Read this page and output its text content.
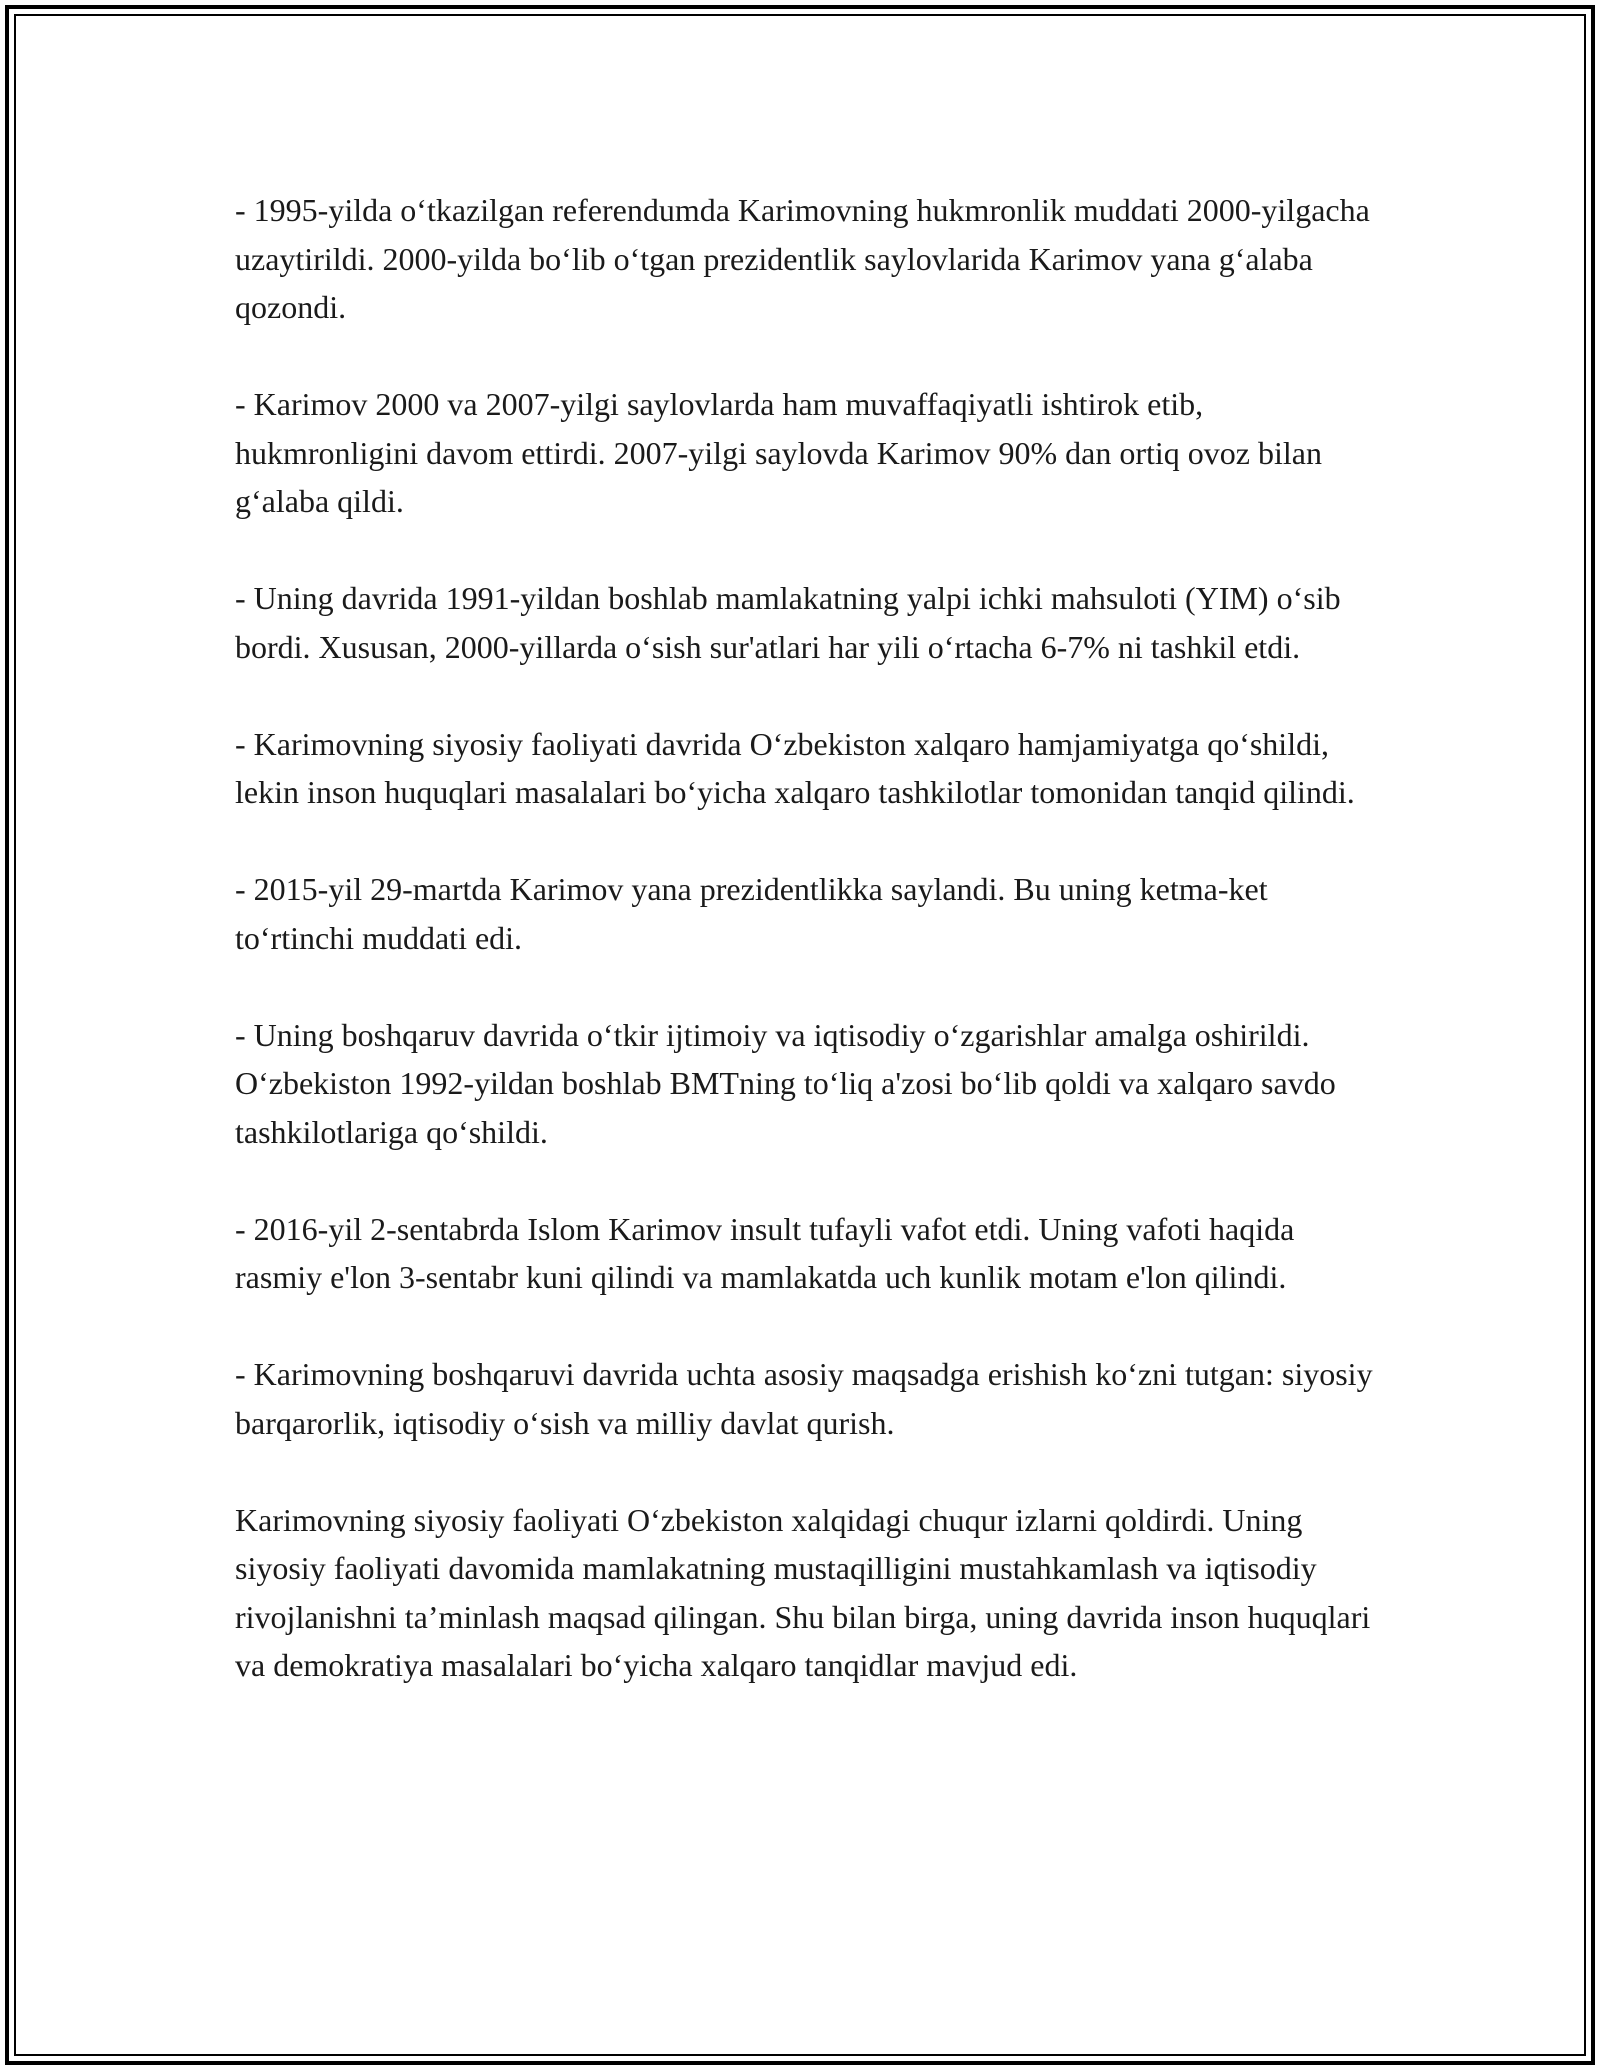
- 1995-yilda o‘tkazilgan referendumda Karimovning hukmronlik muddati 2000-yilgacha uzaytirildi. 2000-yilda bo‘lib o‘tgan prezidentlik saylovlarida Karimov yana g‘alaba qozondi.

- Karimov 2000 va 2007-yilgi saylovlarda ham muvaffaqiyatli ishtirok etib, hukmronligini davom ettirdi. 2007-yilgi saylovda Karimov 90% dan ortiq ovoz bilan g‘alaba qildi.

- Uning davrida 1991-yildan boshlab mamlakatning yalpi ichki mahsuloti (YIM) o‘sib bordi. Xususan, 2000-yillarda o‘sish sur'atlari har yili o‘rtacha 6-7% ni tashkil etdi.

- Karimovning siyosiy faoliyati davrida O‘zbekiston xalqaro hamjamiyatga qo‘shildi, lekin inson huquqlari masalalari bo‘yicha xalqaro tashkilotlar tomonidan tanqid qilindi.

- 2015-yil 29-martda Karimov yana prezidentlikka saylandi. Bu uning ketma-ket to‘rtinchi muddati edi.

- Uning boshqaruv davrida o‘tkir ijtimoiy va iqtisodiy o‘zgarishlar amalga oshirildi. O‘zbekiston 1992-yildan boshlab BMTning to‘liq a'zosi bo‘lib qoldi va xalqaro savdo tashkilotlariga qo‘shildi.

- 2016-yil 2-sentabrda Islom Karimov insult tufayli vafot etdi. Uning vafoti haqida rasmiy e'lon 3-sentabr kuni qilindi va mamlakatda uch kunlik motam e'lon qilindi.

- Karimovning boshqaruvi davrida uchta asosiy maqsadga erishish ko‘zni tutgan: siyosiy barqarorlik, iqtisodiy o‘sish va milliy davlat qurish.

Karimovning siyosiy faoliyati O‘zbekiston xalqidagi chuqur izlarni qoldirdi. Uning siyosiy faoliyati davomida mamlakatning mustaqilligini mustahkamlash va iqtisodiy rivojlanishni ta’minlash maqsad qilingan. Shu bilan birga, uning davrida inson huquqlari va demokratiya masalalari bo‘yicha xalqaro tanqidlar mavjud edi.
